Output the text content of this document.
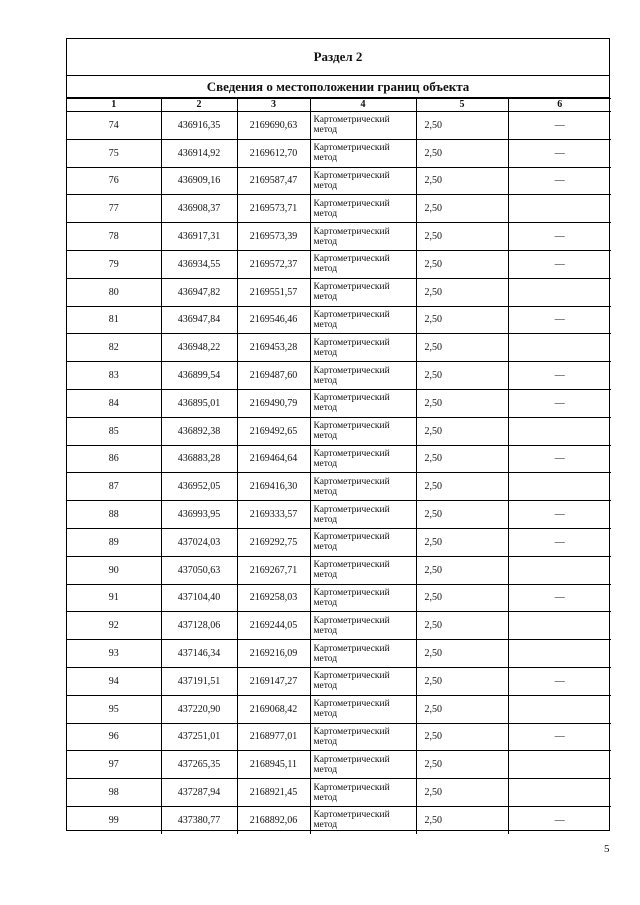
Раздел 2
Сведения о местоположении границ объекта
1	2	3	4	5	6
74	436916,35	2169690,63	Картометрический метод	2,50	—
75	436914,92	2169612,70	Картометрический метод	2,50	—
76	436909,16	2169587,47	Картометрический метод	2,50	—
77	436908,37	2169573,71	Картометрический метод	2,50	
78	436917,31	2169573,39	Картометрический метод	2,50	—
79	436934,55	2169572,37	Картометрический метод	2,50	—
80	436947,82	2169551,57	Картометрический метод	2,50	
81	436947,84	2169546,46	Картометрический метод	2,50	—
82	436948,22	2169453,28	Картометрический метод	2,50	
83	436899,54	2169487,60	Картометрический метод	2,50	—
84	436895,01	2169490,79	Картометрический метод	2,50	—
85	436892,38	2169492,65	Картометрический метод	2,50	
86	436883,28	2169464,64	Картометрический метод	2,50	—
87	436952,05	2169416,30	Картометрический метод	2,50	
88	436993,95	2169333,57	Картометрический метод	2,50	—
89	437024,03	2169292,75	Картометрический метод	2,50	—
90	437050,63	2169267,71	Картометрический метод	2,50	
91	437104,40	2169258,03	Картометрический метод	2,50	—
92	437128,06	2169244,05	Картометрический метод	2,50	
93	437146,34	2169216,09	Картометрический метод	2,50	
94	437191,51	2169147,27	Картометрический метод	2,50	—
95	437220,90	2169068,42	Картометрический метод	2,50	
96	437251,01	2168977,01	Картометрический метод	2,50	—
97	437265,35	2168945,11	Картометрический метод	2,50	
98	437287,94	2168921,45	Картометрический метод	2,50	
99	437380,77	2168892,06	Картометрический метод	2,50	—
5
